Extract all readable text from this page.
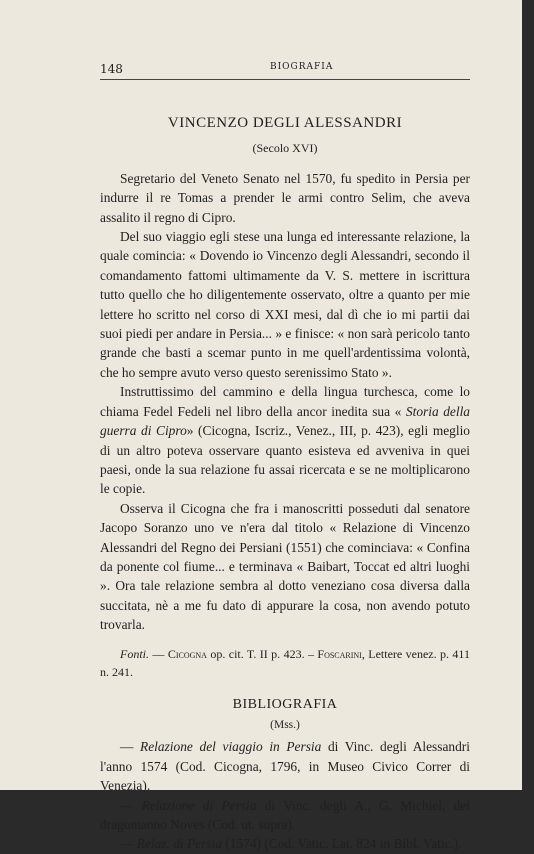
148	BIOGRAFIA
VINCENZO DEGLI ALESSANDRI
(Secolo XVI)

Segretario del Veneto Senato nel 1570, fu spedito in Persia per indurre il re Tomas a prender le armi contro Selim, che aveva assalito il regno di Cipro.

Del suo viaggio egli stese una lunga ed interessante relazione, la quale comincia: « Dovendo io Vincenzo degli Alessandri, secondo il comandamento fattomi ultimamente da V. S. mettere in iscrittura tutto quello che ho diligentemente osservato, oltre a quanto per mie lettere ho scritto nel corso di XXI mesi, dal dì che io mi partii dai suoi piedi per andare in Persia... » e finisce: « non sarà pericolo tanto grande che basti a scemar punto in me quell'ardentissima volontà, che ho sempre avuto verso questo serenissimo Stato ».

Instruttissimo del cammino e della lingua turchesca, come lo chiama Fedel Fedeli nel libro della ancor inedita sua « Storia della guerra di Cipro» (Cicogna, Iscriz., Venez., III, p. 423), egli meglio di un altro poteva osservare quanto esisteva ed avveniva in quei paesi, onde la sua relazione fu assai ricercata e se ne moltiplicarono le copie.

Osserva il Cicogna che fra i manoscritti posseduti dal senatore Jacopo Soranzo uno ve n'era dal titolo « Relazione di Vincenzo Alessandri del Regno dei Persiani (1551) che cominciava: « Confina da ponente col fiume... e terminava « Baibart, Toccat ed altri luoghi ». Ora tale relazione sembra al dotto veneziano cosa diversa dalla succitata, nè a me fu dato di appurare la cosa, non avendo potuto trovarla.

Fonti. — Cicogna op. cit. T. II p. 423. – Foscarini, Lettere venez. p. 411 n. 241.

BIBLIOGRAFIA
(Mss.)

— Relazione del viaggio in Persia di Vinc. degli Alessandri l'anno 1574 (Cod. Cicogna, 1796, in Museo Civico Correr di Venezia).

— Relazione di Persia di Vinc. degli A., G. Michiel, del dragomanno Noves (Cod. ut. supra).

— Relaz. di Persia (1574) (Cod. Vatic. Lat. 824 in Bibl. Vatic.).
